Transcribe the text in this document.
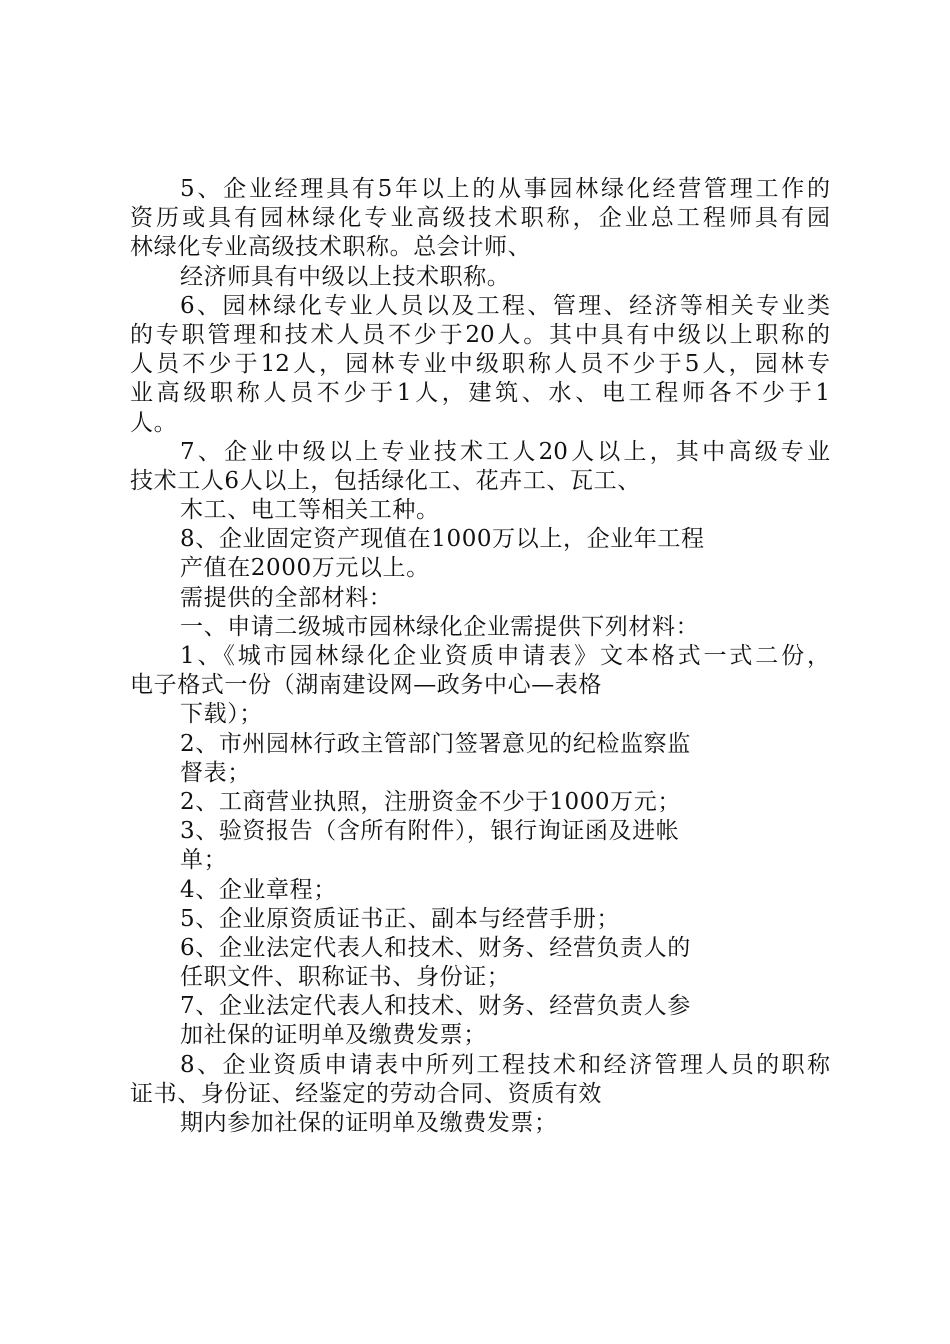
5、企业经理具有5年以上的从事园林绿化经营管理工作的
资历或具有园林绿化专业高级技术职称，企业总工程师具有园
林绿化专业高级技术职称。总会计师、
经济师具有中级以上技术职称。
6、园林绿化专业人员以及工程、管理、经济等相关专业类
的专职管理和技术人员不少于20人。其中具有中级以上职称的
人员不少于12人，园林专业中级职称人员不少于5人，园林专
业高级职称人员不少于1人，建筑、水、电工程师各不少于1
人。
7、企业中级以上专业技术工人20人以上，其中高级专业
技术工人6人以上，包括绿化工、花卉工、瓦工、
木工、电工等相关工种。
8、企业固定资产现值在1000万以上，企业年工程
产值在2000万元以上。
需提供的全部材料：
一、申请二级城市园林绿化企业需提供下列材料：
1、《城市园林绿化企业资质申请表》文本格式一式二份，
电子格式一份（湖南建设网—政务中心—表格
下载）；
2、市州园林行政主管部门签署意见的纪检监察监
督表；
2、工商营业执照，注册资金不少于1000万元；
3、验资报告（含所有附件），银行询证函及进帐
单；
4、企业章程；
5、企业原资质证书正、副本与经营手册；
6、企业法定代表人和技术、财务、经营负责人的
任职文件、职称证书、身份证；
7、企业法定代表人和技术、财务、经营负责人参
加社保的证明单及缴费发票；
8、企业资质申请表中所列工程技术和经济管理人员的职称
证书、身份证、经鉴定的劳动合同、资质有效
期内参加社保的证明单及缴费发票；
